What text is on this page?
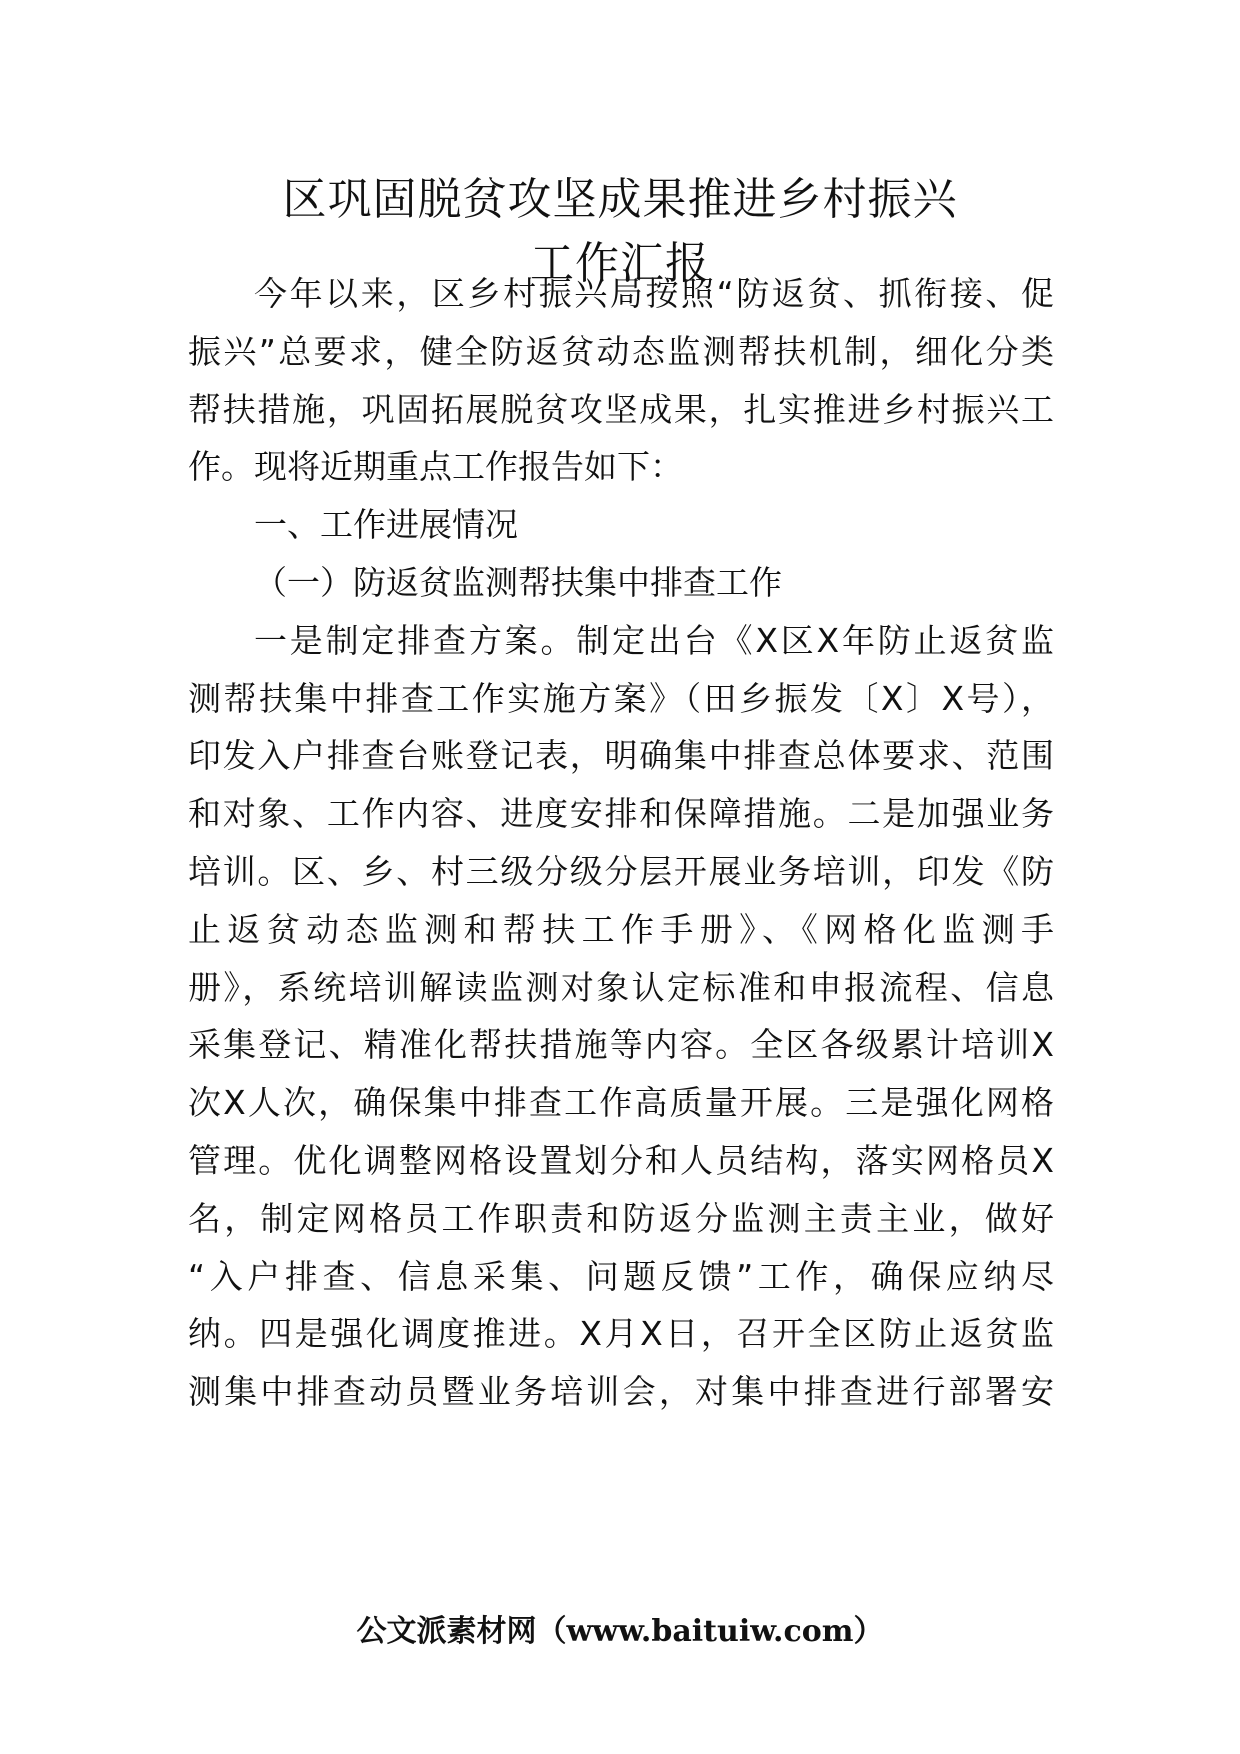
区巩固脱贫攻坚成果推进乡村振兴
工作汇报
今年以来，区乡村振兴局按照“防返贫、抓衔接、促
振兴”总要求，健全防返贫动态监测帮扶机制，细化分类
帮扶措施，巩固拓展脱贫攻坚成果，扎实推进乡村振兴工
作。现将近期重点工作报告如下：
一、工作进展情况
（一）防返贫监测帮扶集中排查工作
一是制定排查方案。制定出台《X区X年防止返贫监
测帮扶集中排查工作实施方案》（田乡振发〔X〕X号），
印发入户排查台账登记表，明确集中排查总体要求、范围
和对象、工作内容、进度安排和保障措施。二是加强业务
培训。区、乡、村三级分级分层开展业务培训，印发《防
止返贫动态监测和帮扶工作手册》、《网格化监测手
册》，系统培训解读监测对象认定标准和申报流程、信息
采集登记、精准化帮扶措施等内容。全区各级累计培训X
次X人次，确保集中排查工作高质量开展。三是强化网格
管理。优化调整网格设置划分和人员结构，落实网格员X
名，制定网格员工作职责和防返分监测主责主业，做好
“入户排查、信息采集、问题反馈”工作，确保应纳尽
纳。四是强化调度推进。X月X日，召开全区防止返贫监
测集中排查动员暨业务培训会，对集中排查进行部署安
公文派素材网（www.baituiw.com）
